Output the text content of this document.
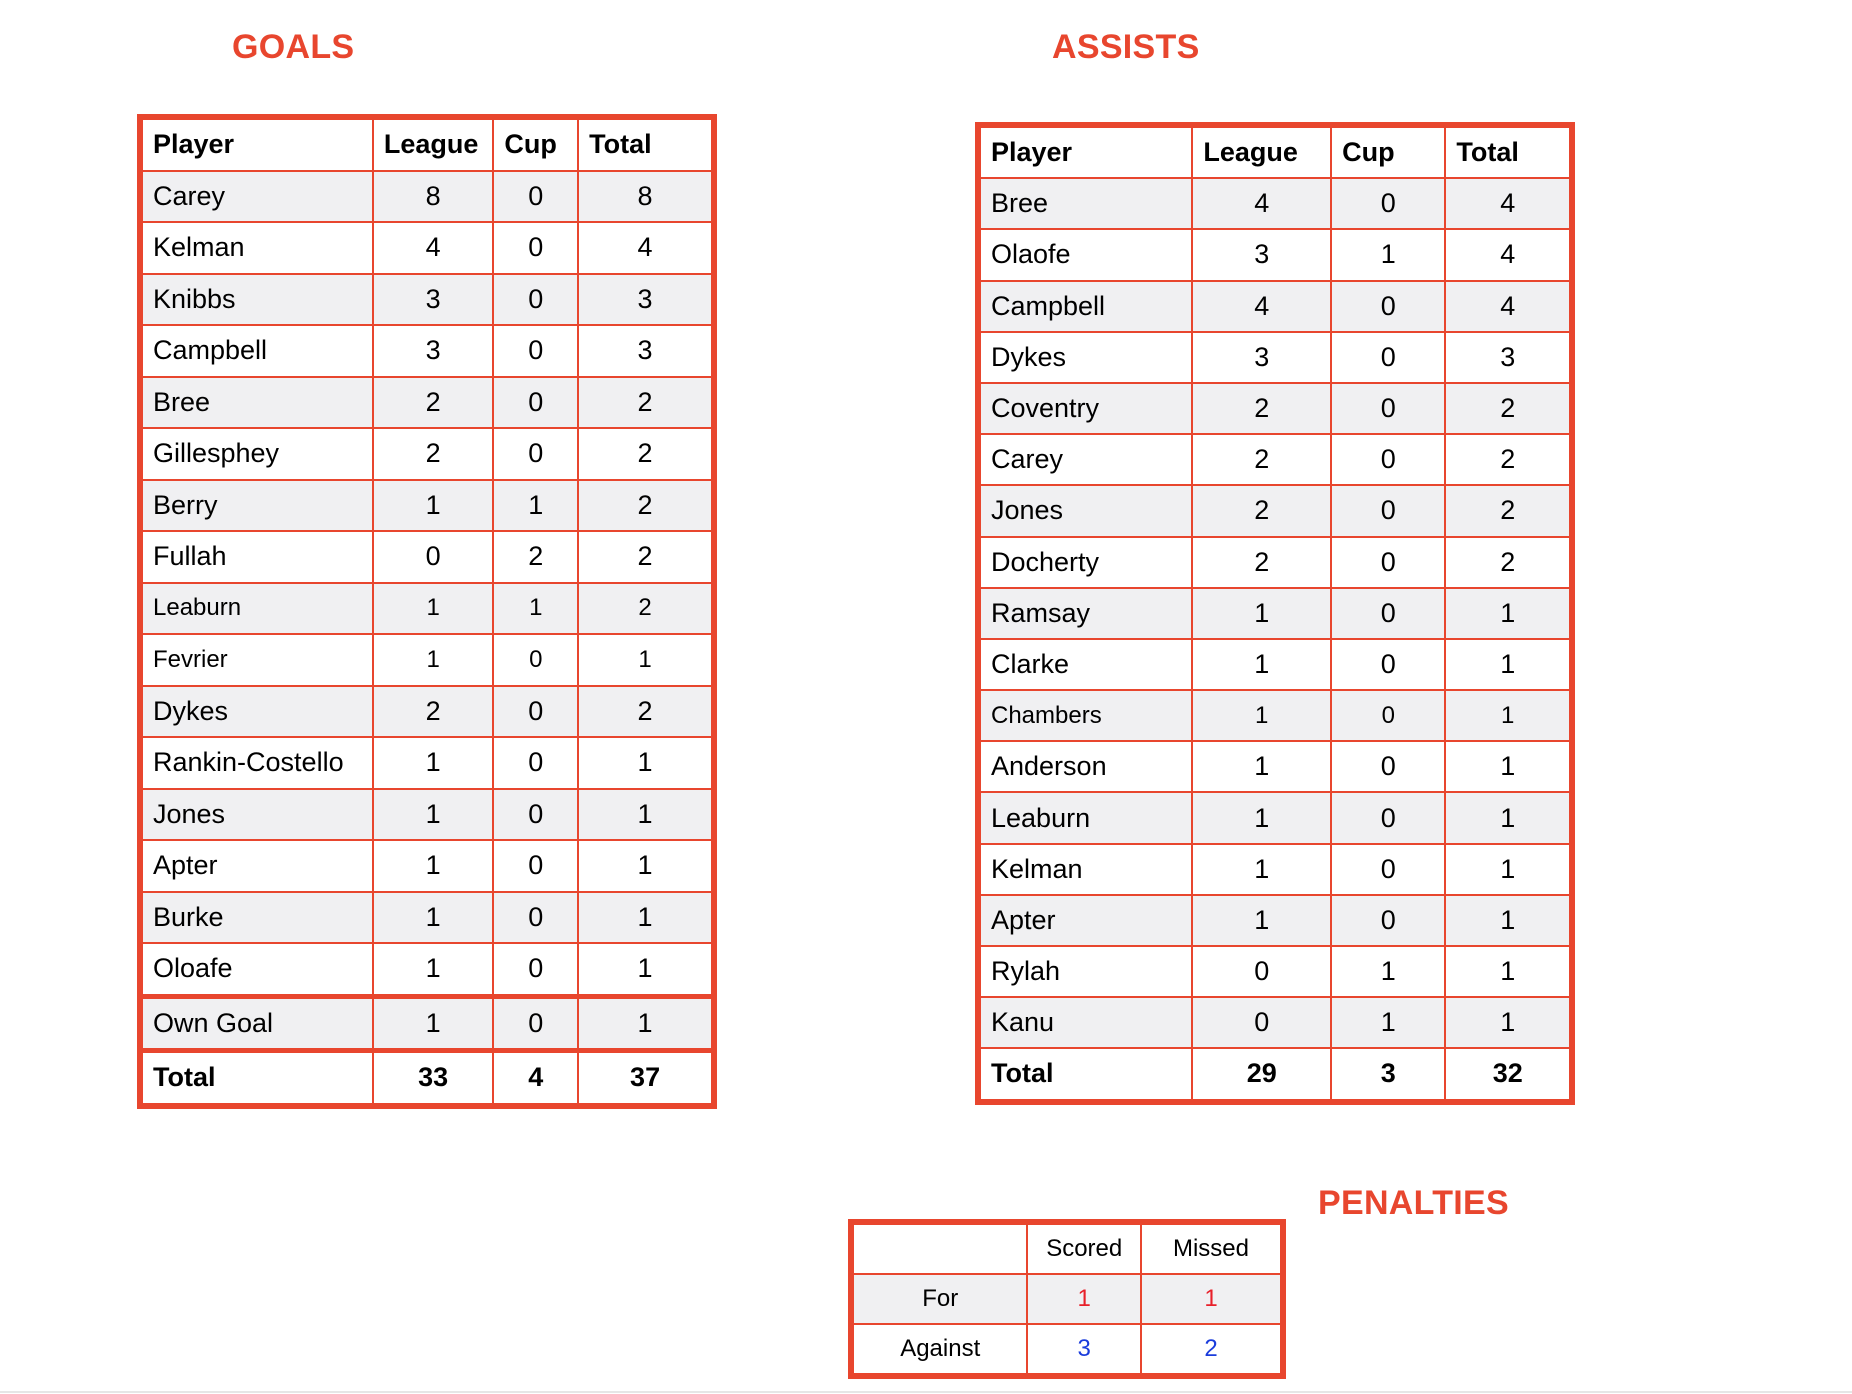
GOALS	ASSISTS
PENALTIES
Player	League	Cup	Total
Carey	8	0	8
Kelman	4	0	4
Knibbs	3	0	3
Campbell	3	0	3
Bree	2	0	2
Gillesphey	2	0	2
Berry	1	1	2
Fullah	0	2	2
Leaburn	1	1	2
Fevrier	1	0	1
Dykes	2	0	2
Rankin-Costello	1	0	1
Jones	1	0	1
Apter	1	0	1
Burke	1	0	1
Oloafe	1	0	1
Own Goal	1	0	1
Total	33	4	37
Player	League	Cup	Total
Bree	4	0	4
Olaofe	3	1	4
Campbell	4	0	4
Dykes	3	0	3
Coventry	2	0	2
Carey	2	0	2
Jones	2	0	2
Docherty	2	0	2
Ramsay	1	0	1
Clarke	1	0	1
Chambers	1	0	1
Anderson	1	0	1
Leaburn	1	0	1
Kelman	1	0	1
Apter	1	0	1
Rylah	0	1	1
Kanu	0	1	1
Total	29	3	32
	Scored	Missed
For	1	1
Against	3	2
